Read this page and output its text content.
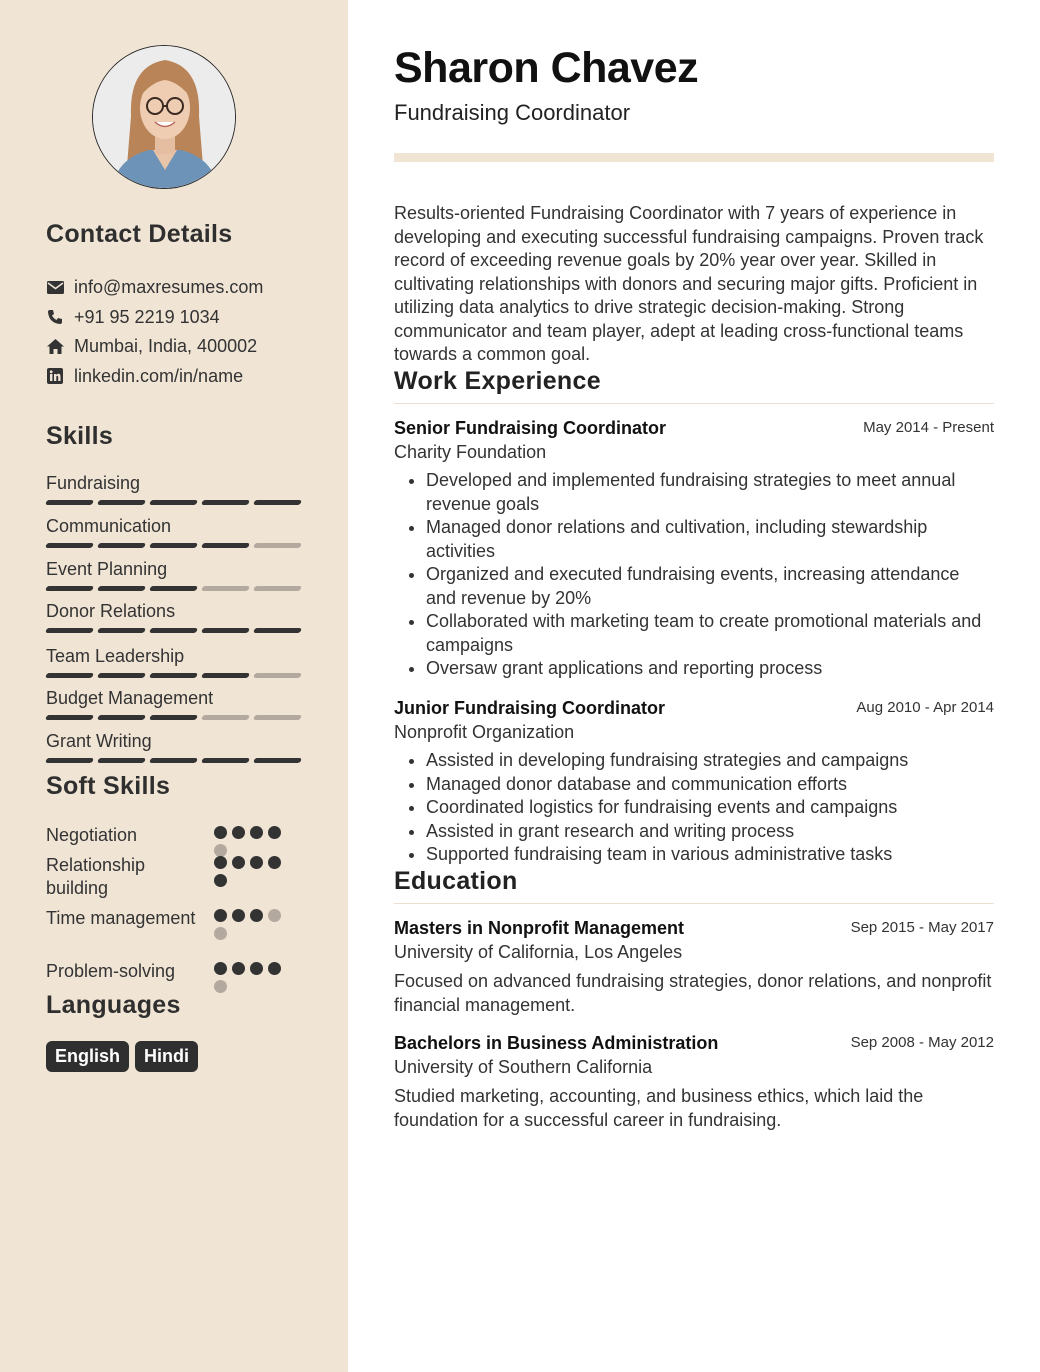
Contact Details
info@maxresumes.com
+91 95 2219 1034
Mumbai, India, 400002
linkedin.com/in/name
Skills
Fundraising
Communication
Event Planning
Donor Relations
Team Leadership
Budget Management
Grant Writing
Soft Skills
Negotiation
Relationship building
Time management
Problem-solving
Languages
English	Hindi
Sharon Chavez
Fundraising Coordinator
Results-oriented Fundraising Coordinator with 7 years of experience in developing and executing successful fundraising campaigns. Proven track record of exceeding revenue goals by 20% year over year. Skilled in cultivating relationships with donors and securing major gifts. Proficient in utilizing data analytics to drive strategic decision-making. Strong communicator and team player, adept at leading cross-functional teams towards a common goal.
Work Experience
Senior Fundraising Coordinator	May 2014 - Present
Charity Foundation
• Developed and implemented fundraising strategies to meet annual revenue goals
• Managed donor relations and cultivation, including stewardship activities
• Organized and executed fundraising events, increasing attendance and revenue by 20%
• Collaborated with marketing team to create promotional materials and campaigns
• Oversaw grant applications and reporting process
Junior Fundraising Coordinator	Aug 2010 - Apr 2014
Nonprofit Organization
• Assisted in developing fundraising strategies and campaigns
• Managed donor database and communication efforts
• Coordinated logistics for fundraising events and campaigns
• Assisted in grant research and writing process
• Supported fundraising team in various administrative tasks
Education
Masters in Nonprofit Management	Sep 2015 - May 2017
University of California, Los Angeles
Focused on advanced fundraising strategies, donor relations, and nonprofit financial management.
Bachelors in Business Administration	Sep 2008 - May 2012
University of Southern California
Studied marketing, accounting, and business ethics, which laid the foundation for a successful career in fundraising.
